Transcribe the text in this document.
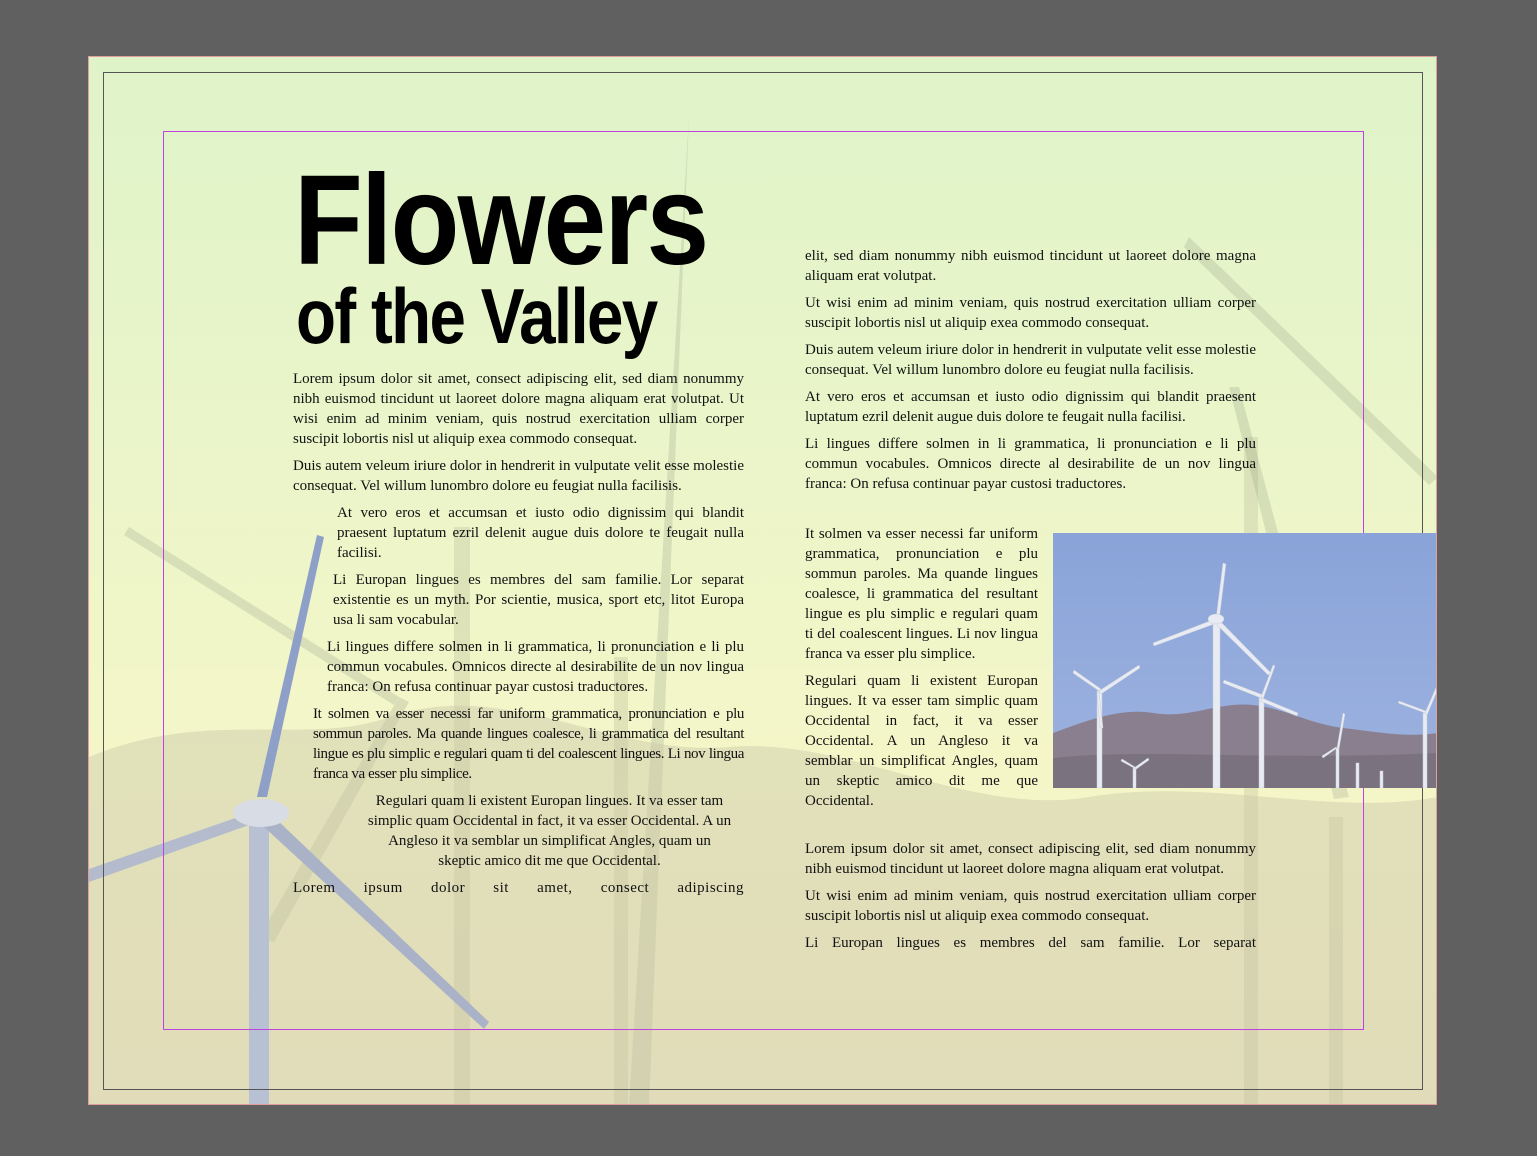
Flowers
of the Valley

Lorem ipsum dolor sit amet, consect adipiscing elit, sed diam nonummy nibh euismod tincidunt ut laoreet dolore magna aliquam erat volutpat. Ut wisi enim ad minim veniam, quis nostrud exercitation ulliam corper suscipit lobortis nisl ut aliquip exea commodo consequat.

Duis autem veleum iriure dolor in hendrerit in vulputate velit esse molestie consequat. Vel willum lunombro dolore eu feugiat nulla facilisis.

At vero eros et accumsan et iusto odio dignissim qui blandit praesent luptatum ezril delenit augue duis dolore te feugait nulla facilisi.

Li Europan lingues es membres del sam familie. Lor separat existentie es un myth. Por scientie, musica, sport etc, litot Europa usa li sam vocabular.

Li lingues differe solmen in li grammatica, li pronunciation e li plu commun vocabules. Omnicos directe al desirabilite de un nov lingua franca: On refusa continuar payar custosi traductores.

It solmen va esser necessi far uniform grammatica, pronunciation e plu sommun paroles. Ma quande lingues coalesce, li grammatica del resultant lingue es plu simplic e regulari quam ti del coalescent lingues. Li nov lingua franca va esser plu simplice.

Regulari quam li existent Europan lingues. It va esser tam simplic quam Occidental in fact, it va esser Occidental. A un Angleso it va semblar un simplificat Angles, quam un skeptic amico dit me que Occidental.

Lorem ipsum dolor sit amet, consect adipiscing

elit, sed diam nonummy nibh euismod tincidunt ut laoreet dolore magna aliquam erat volutpat.

Ut wisi enim ad minim veniam, quis nostrud exercitation ulliam corper suscipit lobortis nisl ut aliquip exea commodo consequat.

Duis autem veleum iriure dolor in hendrerit in vulputate velit esse molestie consequat. Vel willum lunombro dolore eu feugiat nulla facilisis.

At vero eros et accumsan et iusto odio dignissim qui blandit praesent luptatum ezril delenit augue duis dolore te feugait nulla facilisi.

Li lingues differe solmen in li grammatica, li pronunciation e li plu commun vocabules. Omnicos directe al desirabilite de un nov lingua franca: On refusa continuar payar custosi traductores.

It solmen va esser necessi far uniform grammatica, pronunciation e plu sommun paroles. Ma quande lingues coalesce, li grammatica del resultant lingue es plu simplic e regulari quam ti del coalescent lingues. Li nov lingua franca va esser plu simplice.

Regulari quam li existent Europan lingues. It va esser tam simplic quam Occidental in fact, it va esser Occidental. A un Angleso it va semblar un simplificat Angles, quam un skeptic amico dit me que Occidental.

Lorem ipsum dolor sit amet, consect adipiscing elit, sed diam nonummy nibh euismod tincidunt ut laoreet dolore magna aliquam erat volutpat.

Ut wisi enim ad minim veniam, quis nostrud exercitation ulliam corper suscipit lobortis nisl ut aliquip exea commodo consequat.

Li Europan lingues es membres del sam familie. Lor separat
